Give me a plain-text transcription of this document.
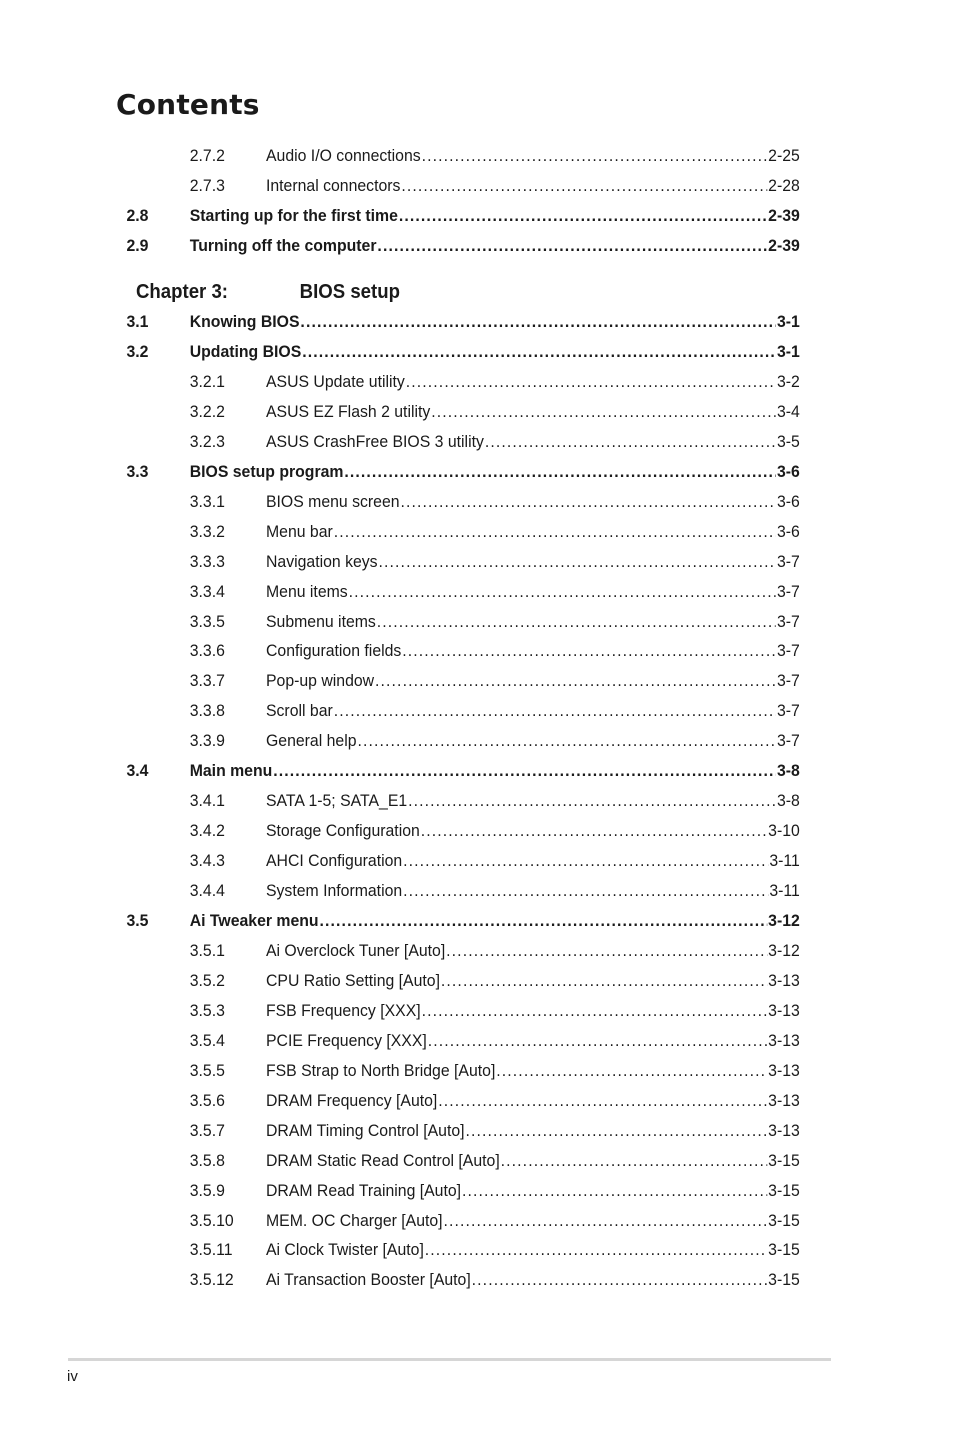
Contents
2.7.2 Audio I/O connections .....	2-25
2.7.3 Internal connectors .....	2-28
2.8 Starting up for the first time .....	2-39
2.9 Turning off the computer .....	2-39
Chapter 3:	BIOS setup
3.1 Knowing BIOS .....	3-1
3.2 Updating BIOS .....	3-1
3.2.1 ASUS Update utility .....	3-2
3.2.2 ASUS EZ Flash 2 utility .....	3-4
3.2.3 ASUS CrashFree BIOS 3 utility .....	3-5
3.3 BIOS setup program .....	3-6
3.3.1 BIOS menu screen .....	3-6
3.3.2 Menu bar .....	3-6
3.3.3 Navigation keys .....	3-7
3.3.4 Menu items .....	3-7
3.3.5 Submenu items .....	3-7
3.3.6 Configuration fields .....	3-7
3.3.7 Pop-up window .....	3-7
3.3.8 Scroll bar .....	3-7
3.3.9 General help .....	3-7
3.4 Main menu .....	3-8
3.4.1 SATA 1-5; SATA_E1 .....	3-8
3.4.2 Storage Configuration .....	3-10
3.4.3 AHCI Configuration .....	3-11
3.4.4 System Information .....	3-11
3.5 Ai Tweaker menu .....	3-12
3.5.1 Ai Overclock Tuner [Auto] .....	3-12
3.5.2 CPU Ratio Setting [Auto] .....	3-13
3.5.3 FSB Frequency [XXX] .....	3-13
3.5.4 PCIE Frequency [XXX] .....	3-13
3.5.5 FSB Strap to North Bridge [Auto] .....	3-13
3.5.6 DRAM Frequency [Auto] .....	3-13
3.5.7 DRAM Timing Control [Auto] .....	3-13
3.5.8 DRAM Static Read Control [Auto] .....	3-15
3.5.9 DRAM Read Training [Auto] .....	3-15
3.5.10 MEM. OC Charger [Auto] .....	3-15
3.5.11 Ai Clock Twister [Auto] .....	3-15
3.5.12 Ai Transaction Booster [Auto] .....	3-15
iv
